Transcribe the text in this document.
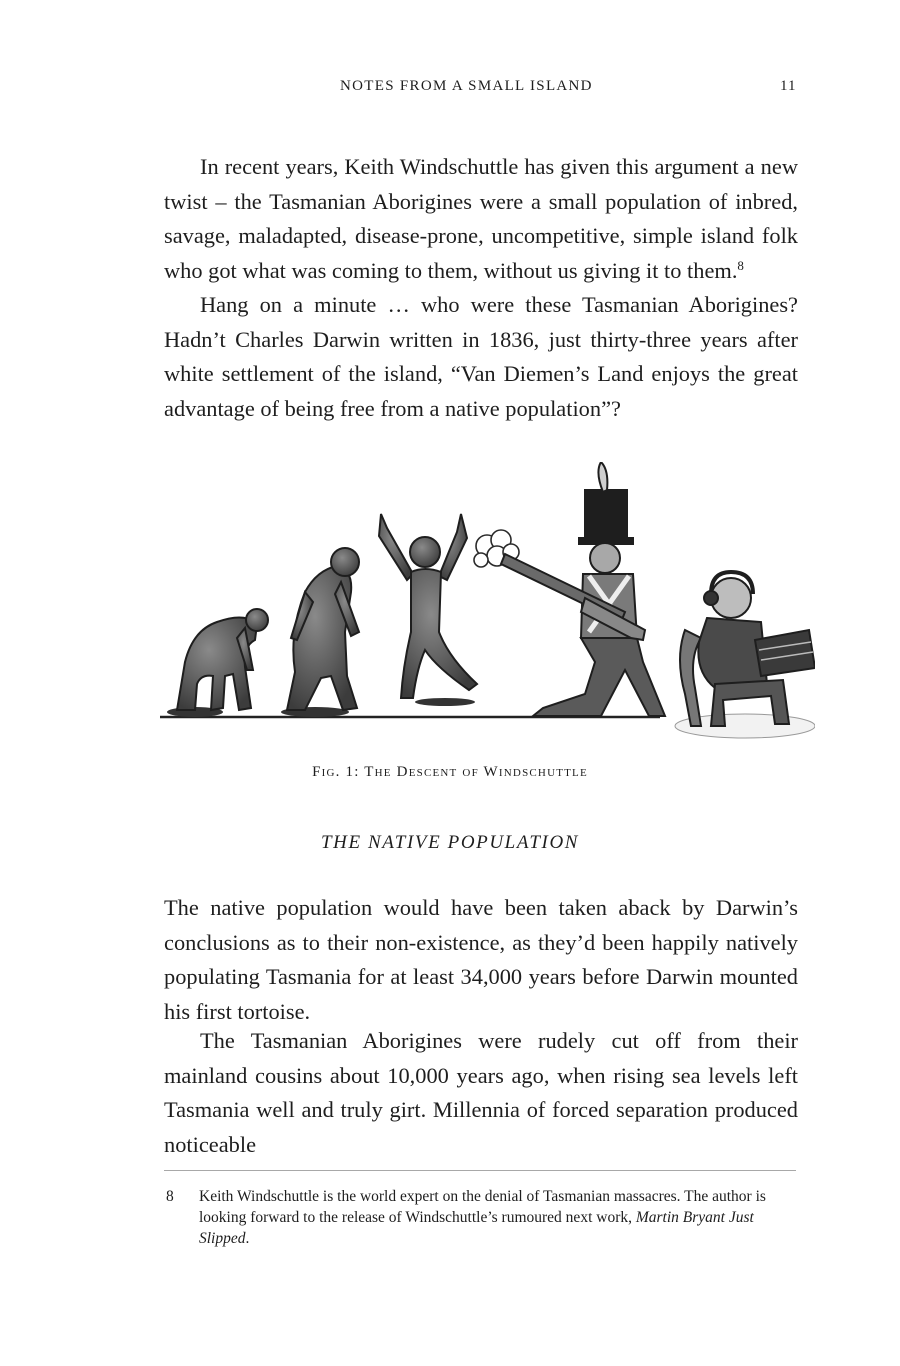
NOTES FROM A SMALL ISLAND	11

In recent years, Keith Windschuttle has given this argument a new twist – the Tasmanian Aborigines were a small population of inbred, savage, maladapted, disease-prone, uncompetitive, simple island folk who got what was coming to them, without us giving it to them.$^8$

Hang on a minute … who were these Tasmanian Aborigines? Hadn’t Charles Darwin written in 1836, just thirty-three years after white settlement of the island, “Van Diemen’s Land enjoys the great advantage of being free from a native population”?

Fig. 1: The Descent of Windschuttle
THE NATIVE POPULATION

The native population would have been taken aback by Darwin’s conclusions as to their non-existence, as they’d been happily natively populating Tasmania for at least 34,000 years before Darwin mounted his first tortoise.

The Tasmanian Aborigines were rudely cut off from their mainland cousins about 10,000 years ago, when rising sea levels left Tasmania well and truly girt. Millennia of forced separation produced noticeable

8 Keith Windschuttle is the world expert on the denial of Tasmanian massacres. The author is looking forward to the release of Windschuttle’s rumoured next work, Martin Bryant Just Slipped.
